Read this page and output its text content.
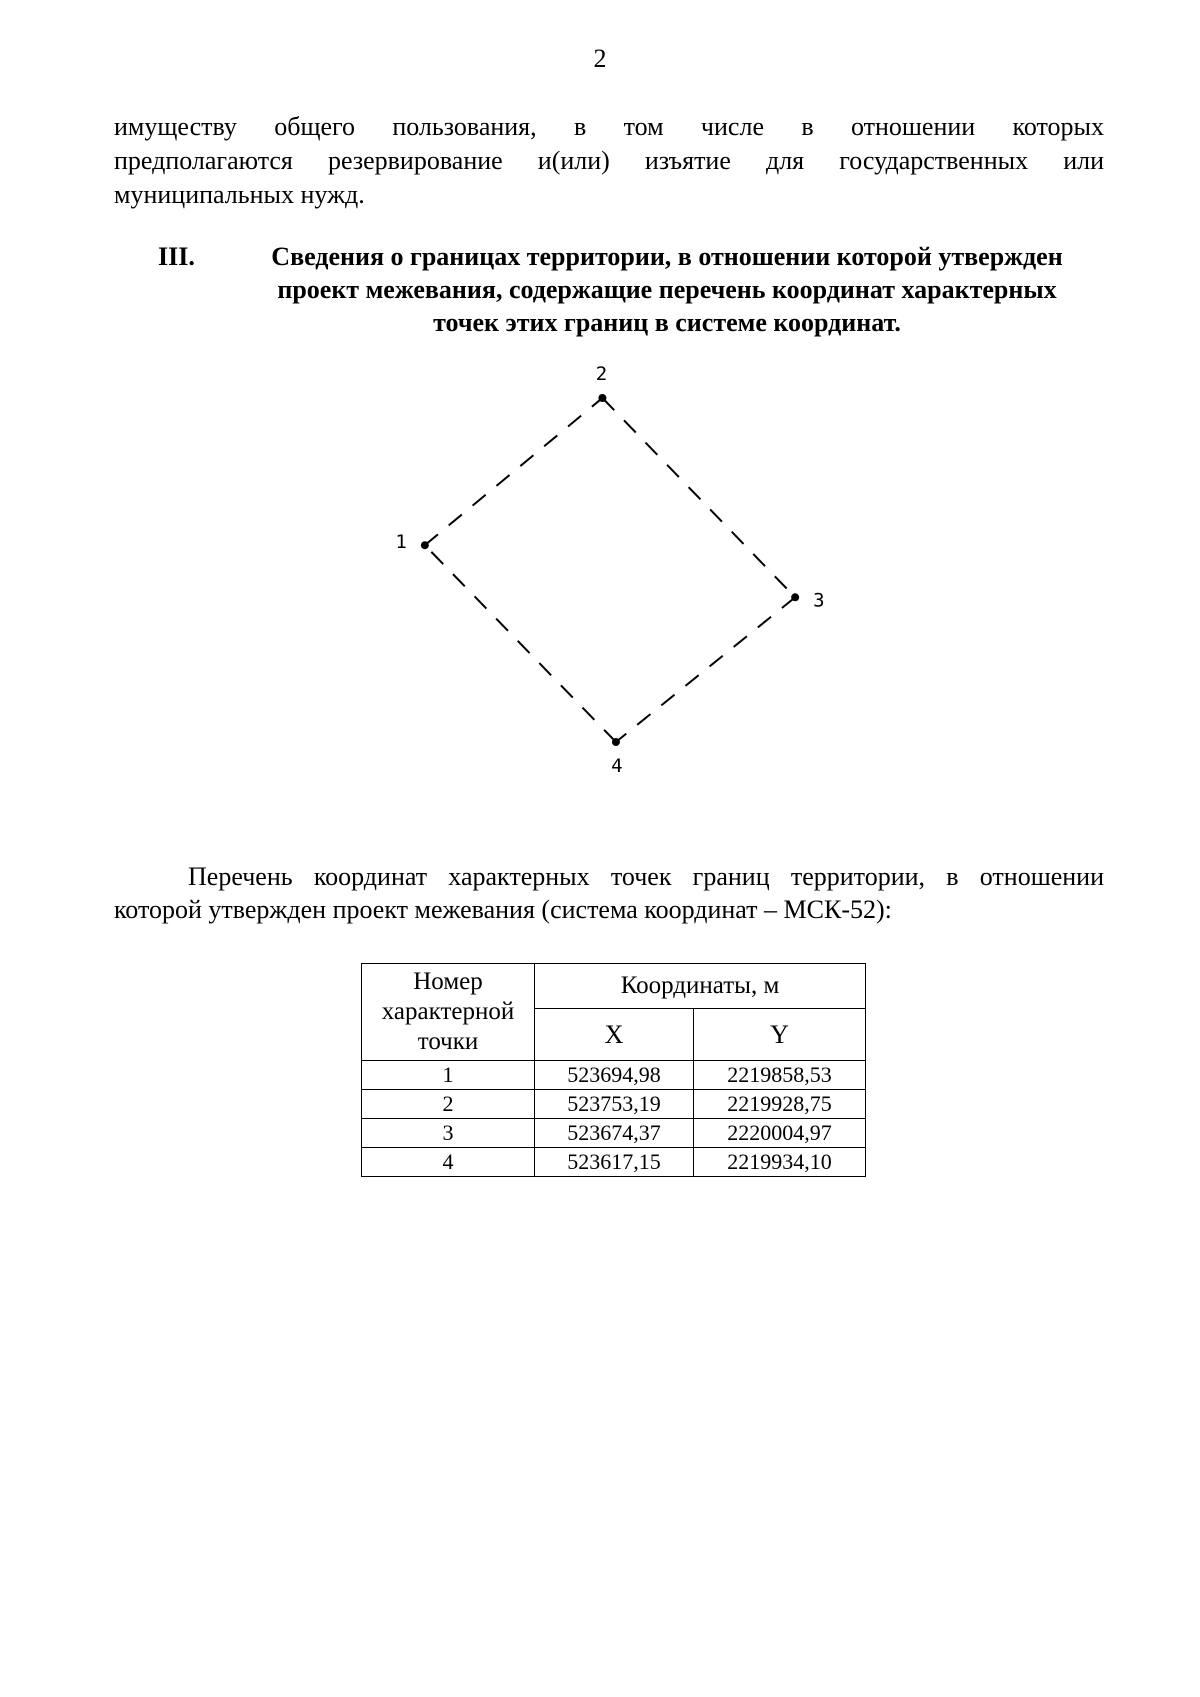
2
имуществу общего пользования, в том числе в отношении которых
предполагаются резервирование и(или) изъятие для государственных или
муниципальных нужд.
III.	Сведения о границах территории, в отношении которой утвержден
проект межевания, содержащие перечень координат характерных
точек этих границ в системе координат.
1
2
3
4
Перечень координат характерных точек границ территории, в отношении
которой утвержден проект межевания (система координат – МСК-52):
Номер характерной точки	Координаты, м	
	X	Y
1	523694,98	2219858,53
2	523753,19	2219928,75
3	523674,37	2220004,97
4	523617,15	2219934,10
